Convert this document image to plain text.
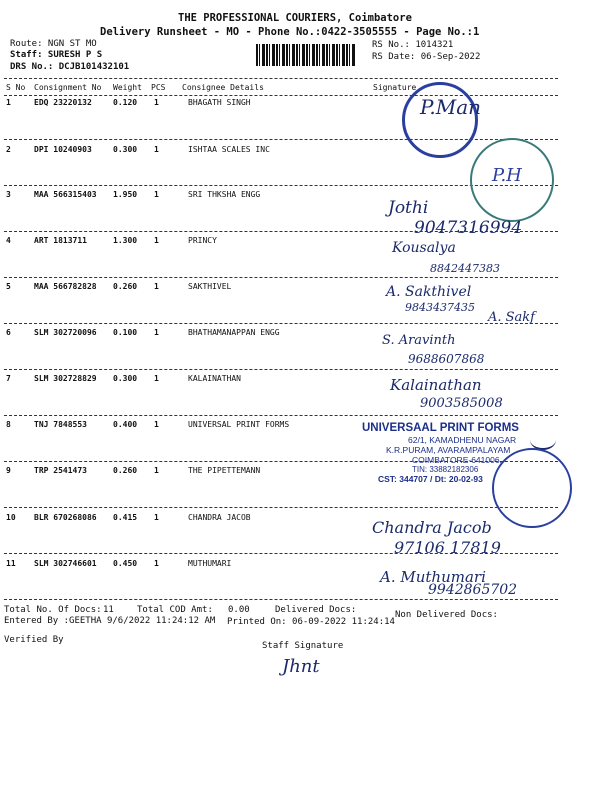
THE PROFESSIONAL COURIERS, Coimbatore
Delivery Runsheet - MO - Phone No.:0422-3505555 - Page No.:1
Route: NGN ST MO
Staff: SURESH P S
DRS No.: DCJB101432101
RS No.: 1014321
RS Date: 06-Sep-2022
S No Consignment No Weight PCS Consignee Details	Signature
1	EDQ 23220132	0.120 1	BHAGATH SINGH
2	DPI 10240903	0.300 1	ISHTAA SCALES INC
3	MAA 566315403 1.950 1	SRI THKSHA ENGG
4	ART 1813711	1.300 1	PRINCY
5	MAA 566782828 0.260 1	SAKTHIVEL
6	SLM 302720096 0.100 1	BHATHAMANAPPAN ENGG
7	SLM 302728829 0.300 1	KALAINATHAN
8	TNJ 7848553	0.400 1	UNIVERSAL PRINT FORMS
9	TRP 2541473	0.260 1	THE PIPETTEMANN
10 BLR 670268086 0.415 1	CHANDRA JACOB
11 SLM 302746601 0.450 1	MUTHUMARI
P.Man
P.H
Jothi
9047316994
Kousalya
8842447383
A. Sakthivel
9843437435
A. Sakf
S. Aravinth
9688607868
Kalainathan
9003585008
UNIVERSAAL PRINT FORMS
62/1, KAMADHENU NAGAR
K.R.PURAM, AVARAMPALAYAM
COIMBATORE-641006.
TIN: 33882182306
CST: 344707 / Dt: 20-02-93
Chandra Jacob
97106 17819
A. Muthumari
9942865702
Total No. Of Docs: 11	Total COD Amt: 0.00	Delivered Docs:	Non Delivered Docs:
Entered By :GEETHA 9/6/2022 11:24:12 AM Printed On: 06-09-2022 11:24:14
Verified By
Staff Signature
Jhnt
